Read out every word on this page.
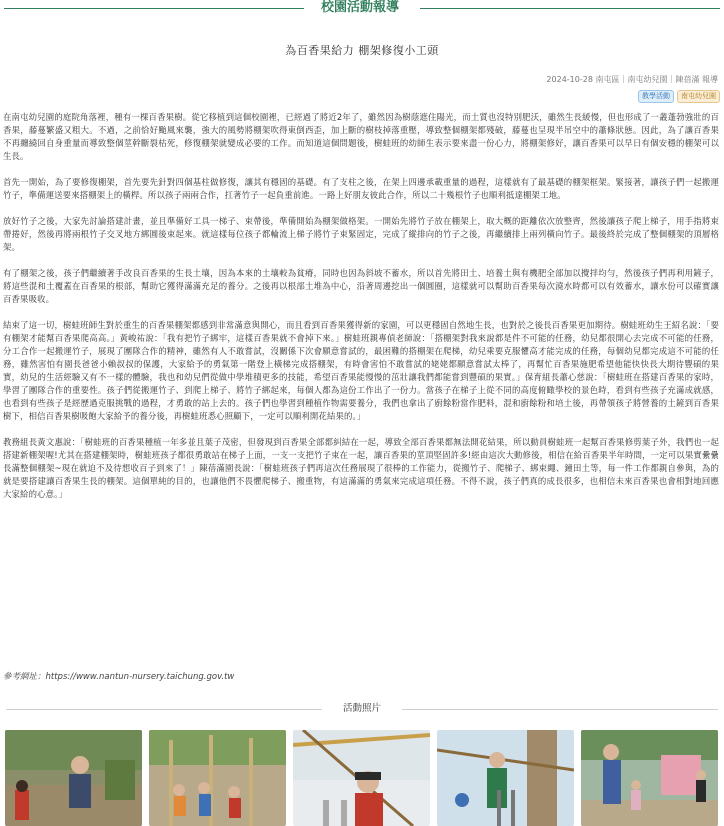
校園活動報導
為百香果給力 棚架修復小工頭
2024-10-28 南屯區｜南屯幼兒園｜陳蓓滿 報導
教學活動	南屯幼兒園

在南屯幼兒園的庭院角落裡，種有一棵百香果樹。從它移植到這個校園裡，已經過了將近2年了，雖然因為樹蔭遮住陽光，而土質也沒特別肥沃，雖然生長緩慢，但也形成了一叢蓬勃強壯的百香果，藤蔓繁盛又粗大。不過，之前恰好颱風來襲，強大的風勢將棚架吹得東倒西歪，加上斷的樹枝掉落重壓，導致整個棚架都殘破，藤蔓也呈現半吊空中的蕭條狀態。因此，為了讓百香果不再纏繞回自身重量而導致整個莖幹斷裂枯死，修復棚架就變成必要的工作。而知道這個問題後，樹蛙班的幼師生表示要來盡一份心力，將棚架修好，讓百香果可以早日有個安穩的棚架可以生長。

首先一開始，為了要修復棚架，首先要先針對四個基柱做修復，讓其有穩固的基礎。有了支柱之後，在架上四邊承載重量的過程，這樣就有了最基礎的棚架框架。緊接著，讓孩子們一起搬運竹子，準備運送要來搭棚架上的橫桿。所以孩子兩兩合作，扛著竹子一起負重前進。一路上好朋友彼此合作，所以二十幾根竹子也順利抵達棚架工地。

放好竹子之後，大家先討論搭建計畫，並且準備好工具一梯子、束帶後，準備開始為棚架做格架。一開始先將竹子放在棚架上，取大概的距離依次放整齊，然後讓孩子爬上梯子，用手指將束帶捲好，然後再將兩根竹子交叉地方綁圓後束起來。就這樣每位孩子都輪流上梯子將竹子束緊固定，完成了縱排向的竹子之後，再繼續排上兩列橫向竹子。最後終於完成了整個棚架的頂層格架。

有了棚架之後，孩子們繼續著手改良百香果的生長土壤，因為本來的土壤較為貧瘠，同時也因為斜坡不蓄水，所以首先將田土、培養土與有機肥全部加以攪拌均勻，然後孩子們再利用鏟子，將這些混和土覆蓋在百香果的根部，幫助它獲得滿滿充足的養分。之後再以根部土堆為中心，沿著周邊挖出一個圓圈，這樣就可以幫助百香果每次澆水時都可以有效蓄水，讓水份可以確實讓百香果吸收。

結束了這一切，樹蛙班師生對於重生的百香果棚架都感到非常滿意與開心，而且看到百香果獲得新的家園，可以更穩固自然地生長，也對於之後長百香果更加期待。樹蛙班幼生王紹名說：「要有棚架才能幫百香果爬高高。」黃峻祐說：「我有把竹子綁牢，這樣百香果就不會掉下來。」樹蛙班親專偵老師說：「搭棚架對我來說都是件不可能的任務，幼兒都很開心去完成不可能的任務，分工合作一起搬運竹子，展現了團隊合作的精神，雖然有人不敢嘗試，沒關係下次會願意嘗試的，最困難的搭棚架在爬梯，幼兒乘要克服懼高才能完成的任務，每個幼兒都完成這不可能的任務，雖然害怕有園長爸爸小賴叔叔的保護，大家給予的勇氣第一階登上橫梯完成搭棚架，有時會害怕不敢嘗試的姥姥都願意嘗試太棒了，再幫忙百香果施肥希望他能快快長大期待豐碩的果實，幼兒的生活經驗又有不一樣的體驗，我也和幼兒們從做中學堆積更多的技能，希望百香果能慢慢的茁壯讓我們都能嘗到豐碩的果實。」保育組長蕭心慈說：「樹蛙班在搭建百香果的家時，學習了團隊合作的重要性。孩子們從搬運竹子、到爬上梯子、將竹子綁起來，每個人都為這份工作出了一份力。當孩子在梯子上從不同的高度俯瞰學校的景色時，看到有些孩子充滿成就感，也看到有些孩子是經歷過克服挑戰的過程，才勇敢的站上去的。孩子們也學習到種植作物需要養分，我們也拿出了廚餘粉當作肥料，混和廚餘粉和培土後，再帶領孩子將營養的土鏟到百香果樹下，相信百香果樹吸飽大家給予的養分後，再樹蛙班悉心照顧下，一定可以順利開花結果的。」

教務組長黃文惠說：「樹蛙班的百香果種植一年多並且葉子茂密，但發現到百香果全部都糾結在一起，導致全部百香果都無法開花結果，所以動員樹蛙班一起幫百香果修剪葉子外，我們也一起搭建新棚架喔!尤其在搭建棚架時，樹蛙班孩子都很勇敢站在梯子上面，一支一支把竹子束在一起，讓百香果的莖頂堅固許多!經由這次大動修後，相信在給百香果半年時間，一定可以果實纍纍長滿整個棚架~現在就迫不及待想收百子到來了！」陳蓓滿園長說：「樹蛙班孩子們再這次任務展現了很棒的工作能力，從搬竹子、爬梯子、綁束繩、鐘田土等，每一件工作都親自參與，為的就是要搭建讓百香果生長的棚架。這個單純的目的，也讓他們不畏懼爬梯子、搬重物，有這滿滿的勇氣來完成這項任務。不得不說，孩子們真的成長很多，也相信未來百香果也會相對地回應大家給的心意。」

參考網址：https://www.nantun-nursery.taichung.gov.tw
活動照片
